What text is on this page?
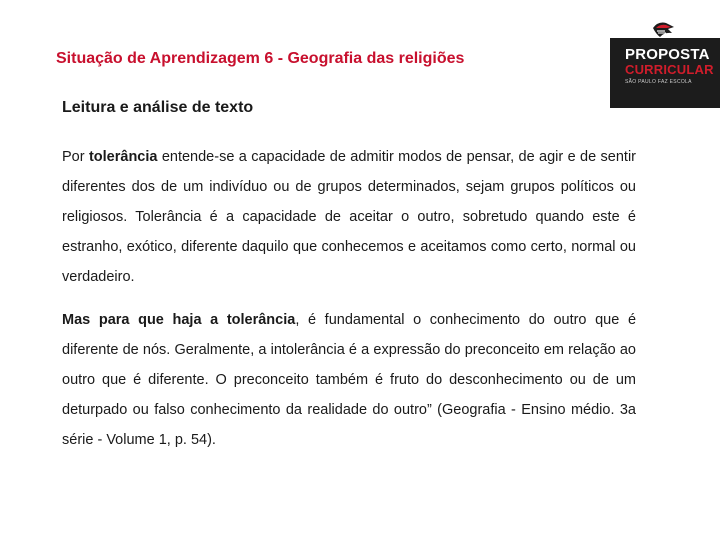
Situação de Aprendizagem 6 - Geografia das religiões	PROPOSTA
CURRICULAR
SÃO PAULO FAZ ESCOLA
Leitura e análise de texto

Por tolerância entende-se a capacidade de admitir modos de pensar, de agir e de sentir diferentes dos de um indivíduo ou de grupos determinados, sejam grupos políticos ou religiosos. Tolerância é a capacidade de aceitar o outro, sobretudo quando este é estranho, exótico, diferente daquilo que conhecemos e aceitamos como certo, normal ou verdadeiro.

Mas para que haja a tolerância, é fundamental o conhecimento do outro que é diferente de nós. Geralmente, a intolerância é a expressão do preconceito em relação ao outro que é diferente. O preconceito também é fruto do desconhecimento ou de um deturpado ou falso conhecimento da realidade do outro” (Geografia - Ensino médio. 3a série - Volume 1, p. 54).
